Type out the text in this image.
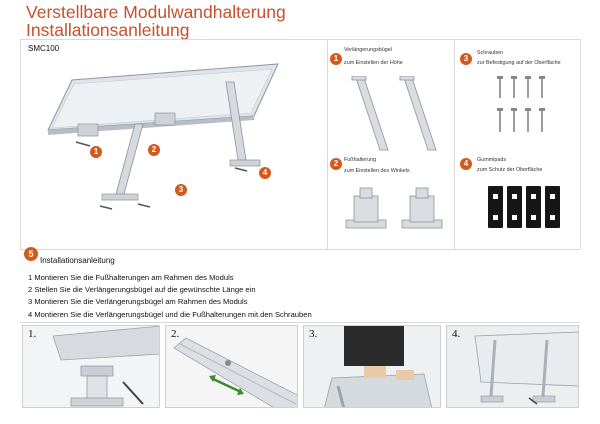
Verstellbare Modulwandhalterung
Installationsanleitung
SMC100
1	2
3
4
1
Verlängerungsbügel
zum Einstellen der Höhe
2	Fußhalterung
zum Einstellen des Winkels
3
Schrauben
zur Befestigung auf der Oberfläche
4	Gummipads
zum Schutz der Oberfläche
5
Installationsanleitung
1 Montieren Sie die Fußhalterungen am Rahmen des Moduls
2 Stellen Sie die Verlängerungsbügel auf die gewünschte Länge ein
3 Montieren Sie die Verlängerungsbügel am Rahmen des Moduls
4 Montieren Sie die Verlängerungsbügel und die Fußhalterungen mit den Schrauben
1.	2.	3.	4.
